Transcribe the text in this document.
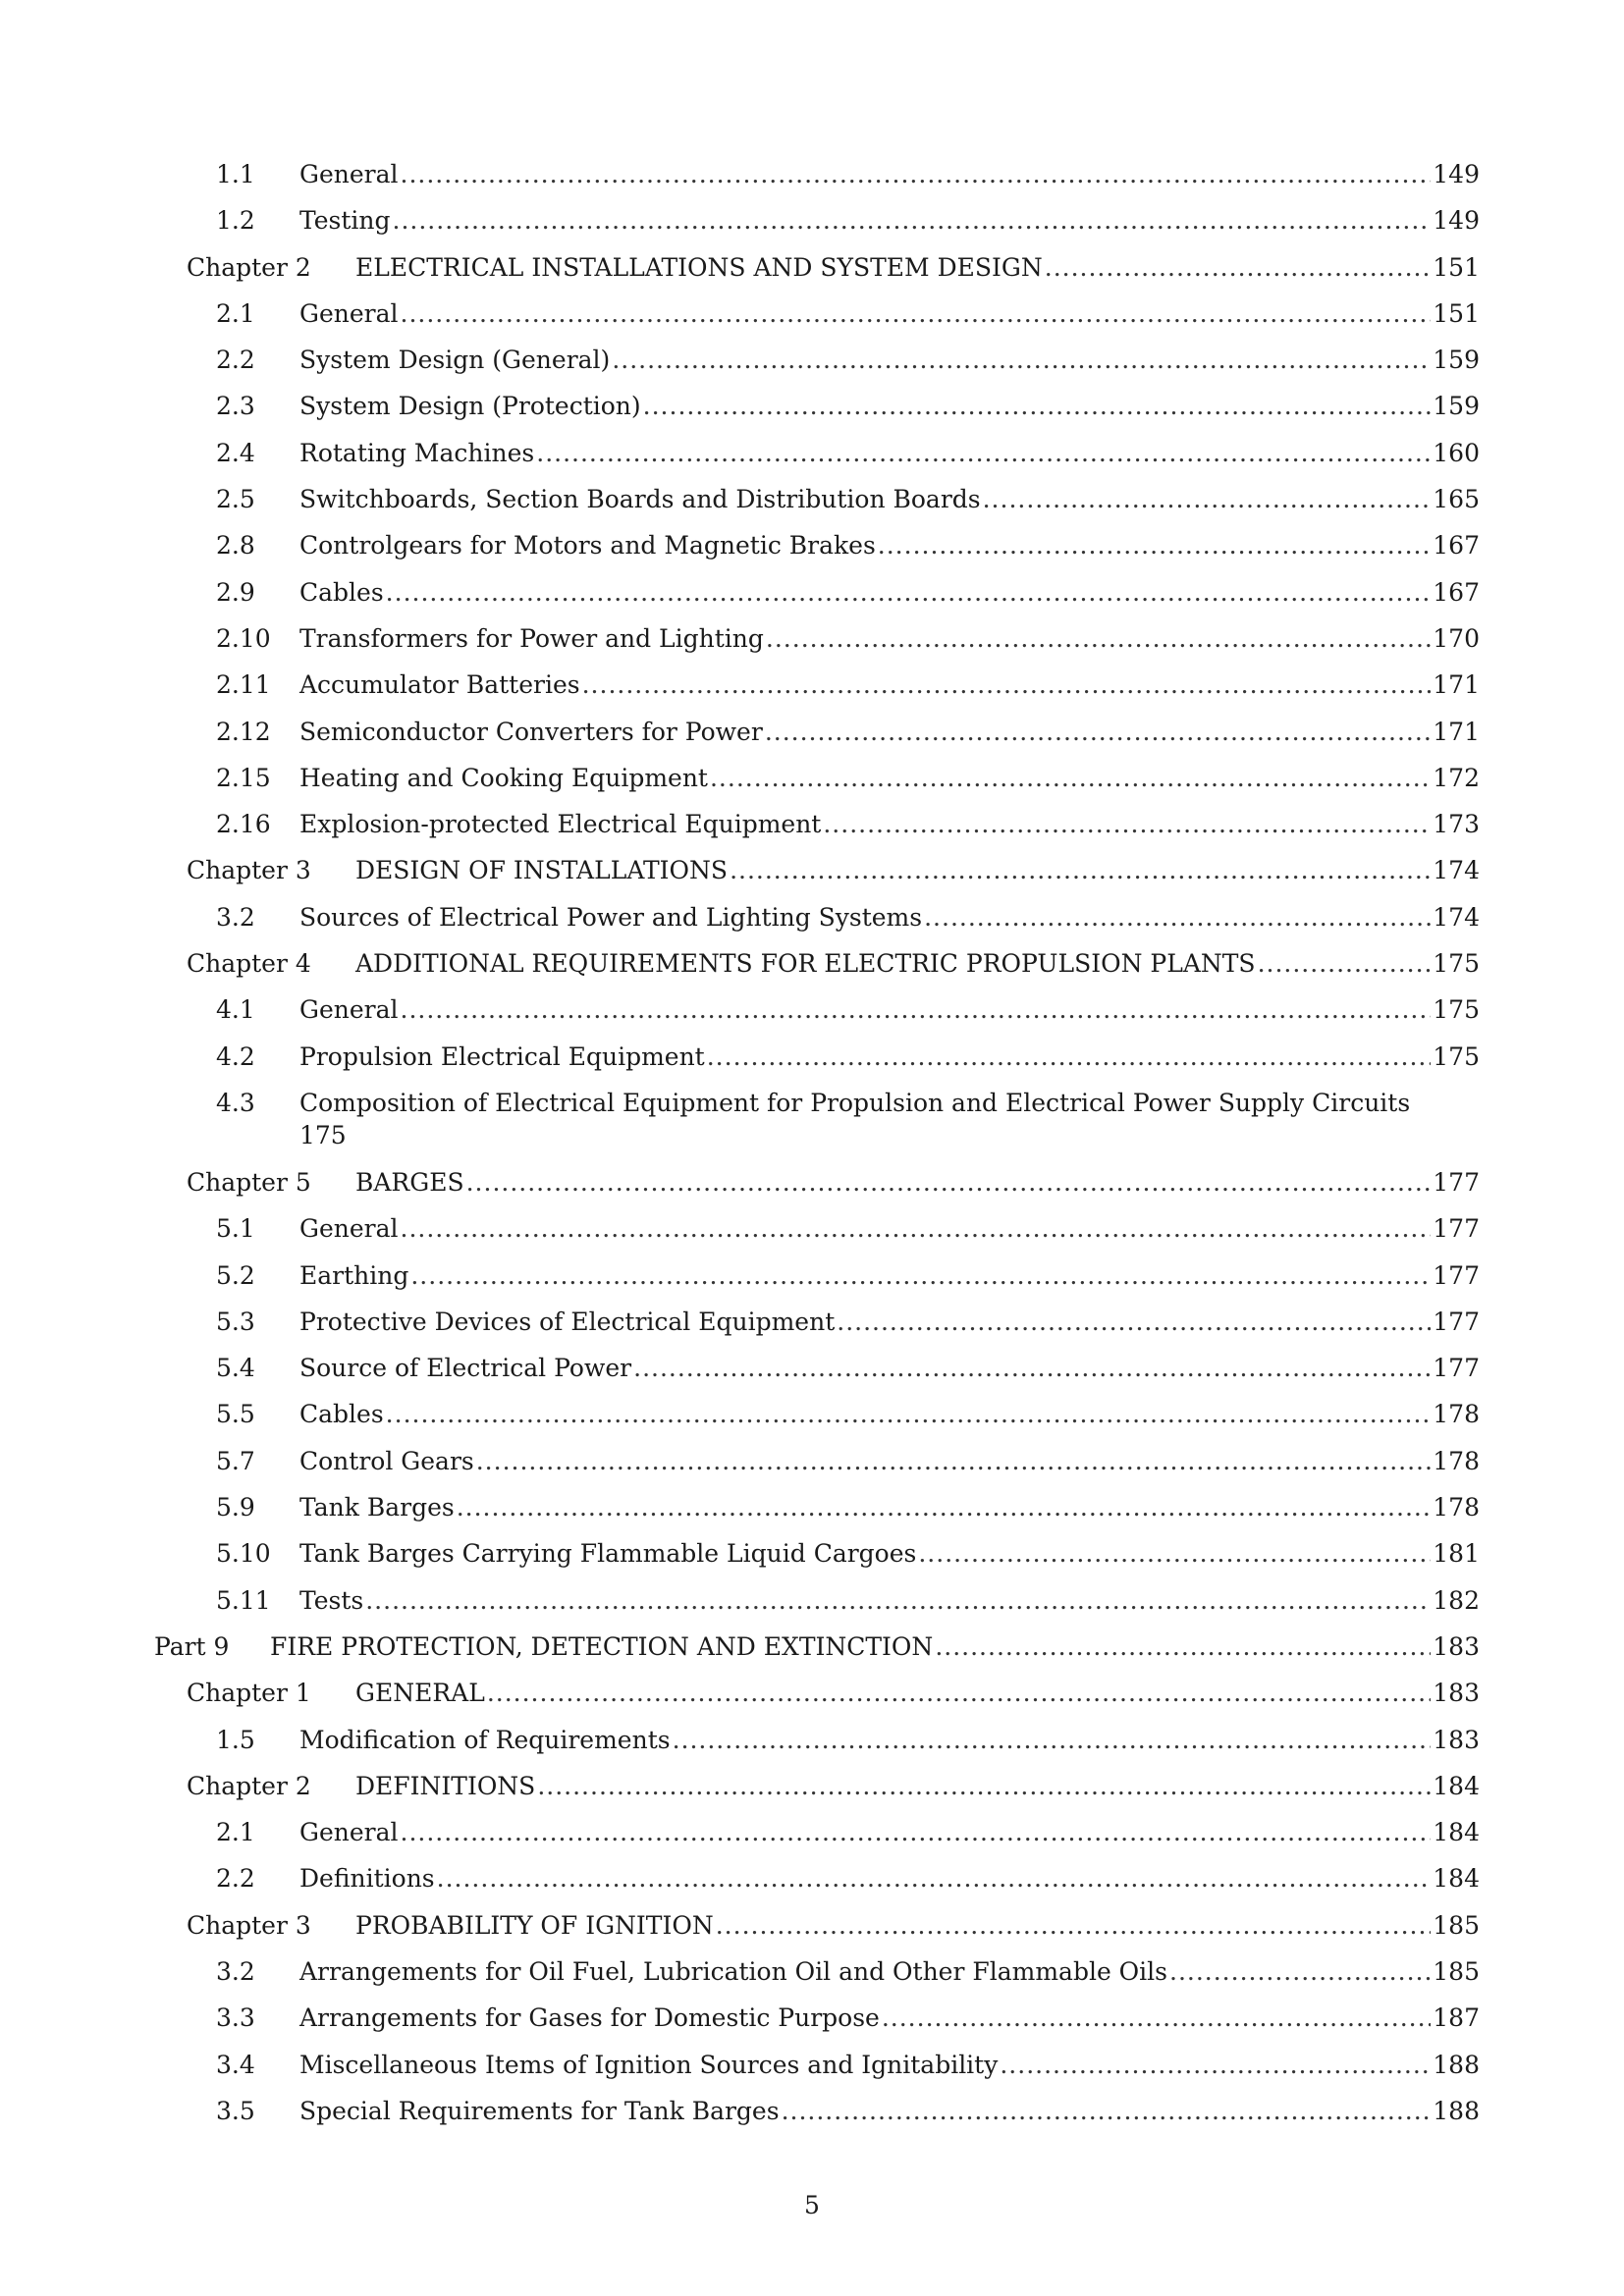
1.1 General .....	149
1.2 Testing .....	149
Chapter 2 ELECTRICAL INSTALLATIONS AND SYSTEM DESIGN .....	151
2.1 General .....	151
2.2 System Design (General) .....	159
2.3 System Design (Protection) .....	159
2.4 Rotating Machines .....	160
2.5 Switchboards, Section Boards and Distribution Boards .....	165
2.8 Controlgears for Motors and Magnetic Brakes .....	167
2.9 Cables .....	167
2.10 Transformers for Power and Lighting .....	170
2.11 Accumulator Batteries .....	171
2.12 Semiconductor Converters for Power .....	171
2.15 Heating and Cooking Equipment .....	172
2.16 Explosion-protected Electrical Equipment .....	173
Chapter 3 DESIGN OF INSTALLATIONS .....	174
3.2 Sources of Electrical Power and Lighting Systems .....	174
Chapter 4 ADDITIONAL REQUIREMENTS FOR ELECTRIC PROPULSION PLANTS .....	175
4.1 General .....	175
4.2 Propulsion Electrical Equipment .....	175
4.3 Composition of Electrical Equipment for Propulsion and Electrical Power Supply Circuits
175
Chapter 5 BARGES .....	177
5.1 General .....	177
5.2 Earthing .....	177
5.3 Protective Devices of Electrical Equipment .....	177
5.4 Source of Electrical Power .....	177
5.5 Cables .....	178
5.7 Control Gears .....	178
5.9 Tank Barges .....	178
5.10 Tank Barges Carrying Flammable Liquid Cargoes .....	181
5.11 Tests .....	182
Part 9 FIRE PROTECTION, DETECTION AND EXTINCTION .....	183
Chapter 1 GENERAL .....	183
1.5 Modification of Requirements .....	183
Chapter 2 DEFINITIONS .....	184
2.1 General .....	184
2.2 Definitions .....	184
Chapter 3 PROBABILITY OF IGNITION .....	185
3.2 Arrangements for Oil Fuel, Lubrication Oil and Other Flammable Oils .....	185
3.3 Arrangements for Gases for Domestic Purpose .....	187
3.4 Miscellaneous Items of Ignition Sources and Ignitability .....	188
3.5 Special Requirements for Tank Barges .....	188
5
